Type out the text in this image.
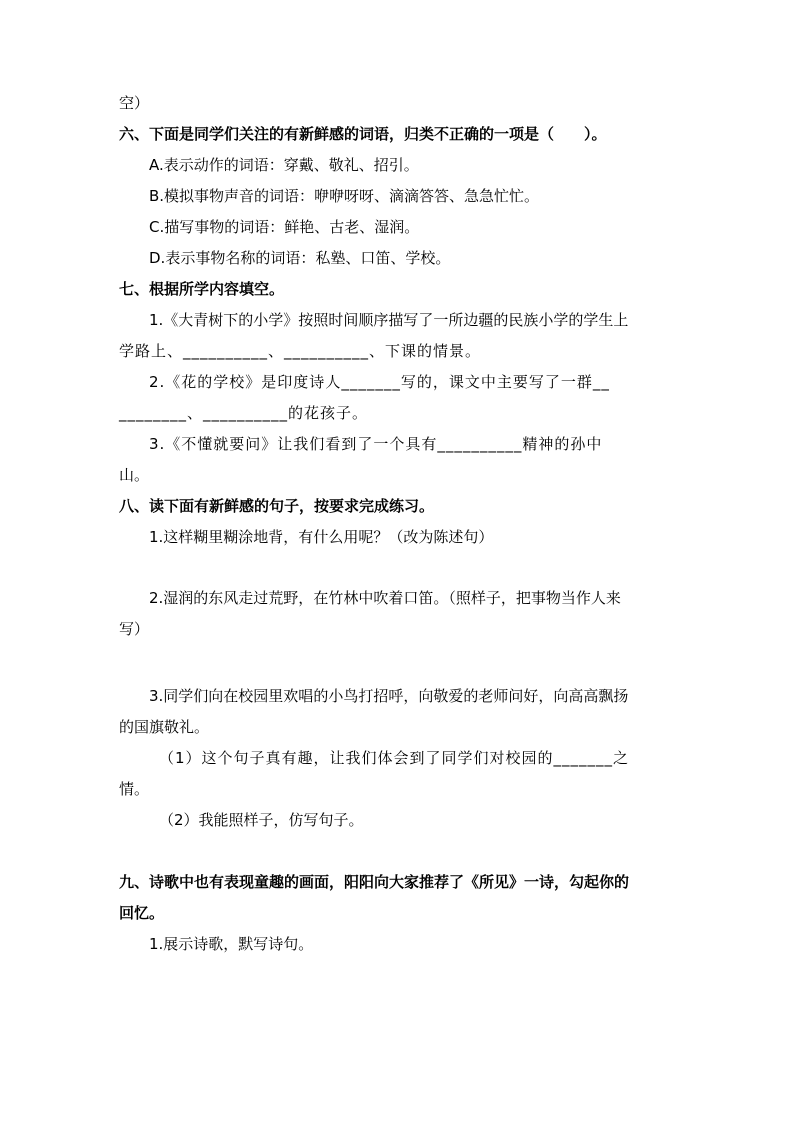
空）
六、下面是同学们关注的有新鲜感的词语，归类不正确的一项是（　　）。
A.表示动作的词语：穿戴、敬礼、招引。
B.模拟事物声音的词语：咿咿呀呀、滴滴答答、急急忙忙。
C.描写事物的词语：鲜艳、古老、湿润。
D.表示事物名称的词语：私塾、口笛、学校。
七、根据所学内容填空。
1.《大青树下的小学》按照时间顺序描写了一所边疆的民族小学的学生上
学路上、__________、__________、下课的情景。
2.《花的学校》是印度诗人_______写的，课文中主要写了一群__
________、__________的花孩子。
3.《不懂就要问》让我们看到了一个具有__________精神的孙中
山。
八、读下面有新鲜感的句子，按要求完成练习。
1.这样糊里糊涂地背，有什么用呢？（改为陈述句）
2.湿润的东风走过荒野，在竹林中吹着口笛。（照样子，把事物当作人来
写）
3.同学们向在校园里欢唱的小鸟打招呼，向敬爱的老师问好，向高高飘扬
的国旗敬礼。
（1）这个句子真有趣，让我们体会到了同学们对校园的_______之
情。
（2）我能照样子，仿写句子。
九、诗歌中也有表现童趣的画面，阳阳向大家推荐了《所见》一诗，勾起你的
回忆。
1.展示诗歌，默写诗句。
